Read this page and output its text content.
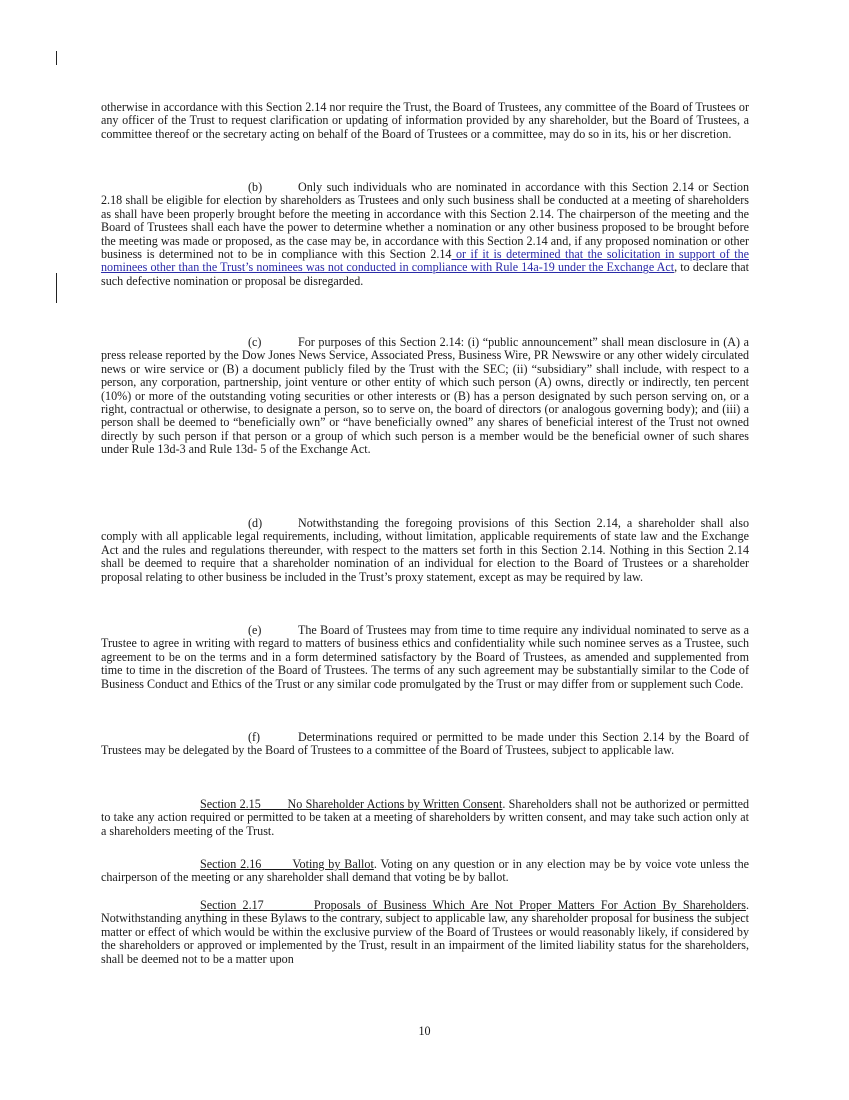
otherwise in accordance with this Section 2.14 nor require the Trust, the Board of Trustees, any committee of the Board of Trustees or any officer of the Trust to request clarification or updating of information provided by any shareholder, but the Board of Trustees, a committee thereof or the secretary acting on behalf of the Board of Trustees or a committee, may do so in its, his or her discretion.

(b)	Only such individuals who are nominated in accordance with this Section 2.14 or Section 2.18 shall be eligible for election by shareholders as Trustees and only such business shall be conducted at a meeting of shareholders as shall have been properly brought before the meeting in accordance with this Section 2.14. The chairperson of the meeting and the Board of Trustees shall each have the power to determine whether a nomination or any other business proposed to be brought before the meeting was made or proposed, as the case may be, in accordance with this Section 2.14 and, if any proposed nomination or other business is determined not to be in compliance with this Section 2.14 or if it is determined that the solicitation in support of the nominees other than the Trust’s nominees was not conducted in compliance with Rule 14a-19 under the Exchange Act, to declare that such defective nomination or proposal be disregarded.

(c)	For purposes of this Section 2.14: (i) “public announcement” shall mean disclosure in (A) a press release reported by the Dow Jones News Service, Associated Press, Business Wire, PR Newswire or any other widely circulated news or wire service or (B) a document publicly filed by the Trust with the SEC; (ii) “subsidiary” shall include, with respect to a person, any corporation, partnership, joint venture or other entity of which such person (A) owns, directly or indirectly, ten percent (10%) or more of the outstanding voting securities or other interests or (B) has a person designated by such person serving on, or a right, contractual or otherwise, to designate a person, so to serve on, the board of directors (or analogous governing body); and (iii) a person shall be deemed to “beneficially own” or “have beneficially owned” any shares of beneficial interest of the Trust not owned directly by such person if that person or a group of which such person is a member would be the beneficial owner of such shares under Rule 13d-3 and Rule 13d- 5 of the Exchange Act.

(d)	Notwithstanding the foregoing provisions of this Section 2.14, a shareholder shall also comply with all applicable legal requirements, including, without limitation, applicable requirements of state law and the Exchange Act and the rules and regulations thereunder, with respect to the matters set forth in this Section 2.14. Nothing in this Section 2.14 shall be deemed to require that a shareholder nomination of an individual for election to the Board of Trustees or a shareholder proposal relating to other business be included in the Trust’s proxy statement, except as may be required by law.

(e)	The Board of Trustees may from time to time require any individual nominated to serve as a Trustee to agree in writing with regard to matters of business ethics and confidentiality while such nominee serves as a Trustee, such agreement to be on the terms and in a form determined satisfactory by the Board of Trustees, as amended and supplemented from time to time in the discretion of the Board of Trustees. The terms of any such agreement may be substantially similar to the Code of Business Conduct and Ethics of the Trust or any similar code promulgated by the Trust or may differ from or supplement such Code.

(f)	Determinations required or permitted to be made under this Section 2.14 by the Board of Trustees may be delegated by the Board of Trustees to a committee of the Board of Trustees, subject to applicable law.

Section 2.15 No Shareholder Actions by Written Consent. Shareholders shall not be authorized or permitted to take any action required or permitted to be taken at a meeting of shareholders by written consent, and may take such action only at a shareholders meeting of the Trust.

Section 2.16	Voting by Ballot. Voting on any question or in any election may be by voice vote unless the chairperson of the meeting or any shareholder shall demand that voting be by ballot.

Section 2.17	Proposals of Business Which Are Not Proper Matters For Action By Shareholders. Notwithstanding anything in these Bylaws to the contrary, subject to applicable law, any shareholder proposal for business the subject matter or effect of which would be within the exclusive purview of the Board of Trustees or would reasonably likely, if considered by the shareholders or approved or implemented by the Trust, result in an impairment of the limited liability status for the shareholders, shall be deemed not to be a matter upon

10
